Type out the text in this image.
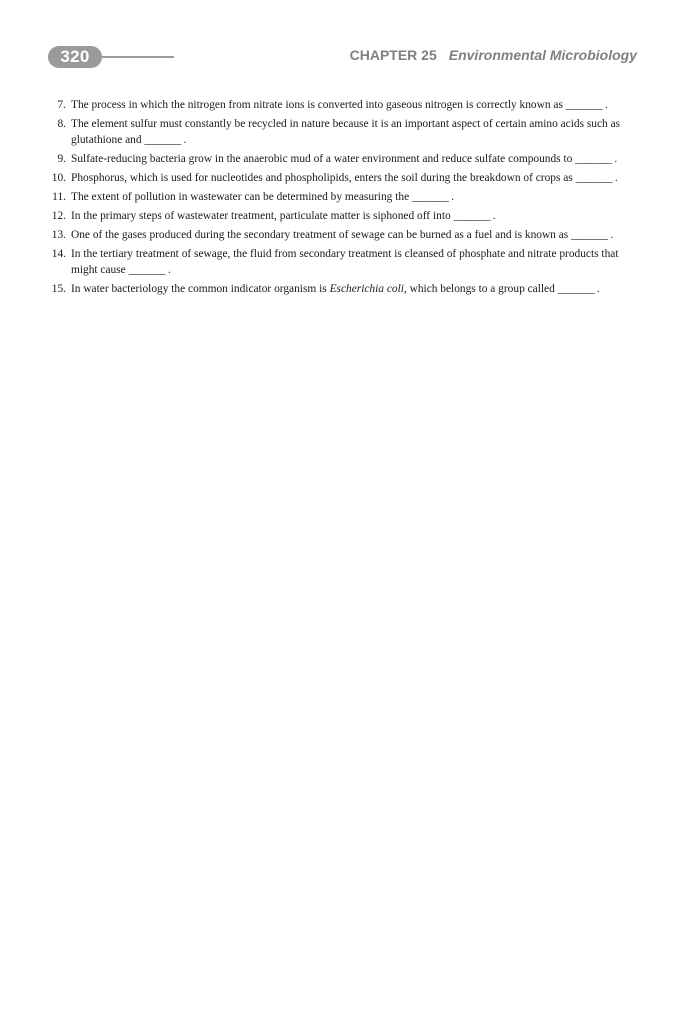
320	CHAPTER 25 Environmental Microbiology
7. The process in which the nitrogen from nitrate ions is converted into gaseous nitrogen is correctly known as _______ .
8. The element sulfur must constantly be recycled in nature because it is an important aspect of certain amino acids such as glutathione and _______ .
9. Sulfate-reducing bacteria grow in the anaerobic mud of a water environment and reduce sulfate compounds to _______ .
10. Phosphorus, which is used for nucleotides and phospholipids, enters the soil during the breakdown of crops as _______ .
11. The extent of pollution in wastewater can be determined by measuring the _______ .
12. In the primary steps of wastewater treatment, particulate matter is siphoned off into _______ .
13. One of the gases produced during the secondary treatment of sewage can be burned as a fuel and is known as _______ .
14. In the tertiary treatment of sewage, the fluid from secondary treatment is cleansed of phosphate and nitrate products that might cause _______ .
15. In water bacteriology the common indicator organism is Escherichia coli, which belongs to a group called _______ .
